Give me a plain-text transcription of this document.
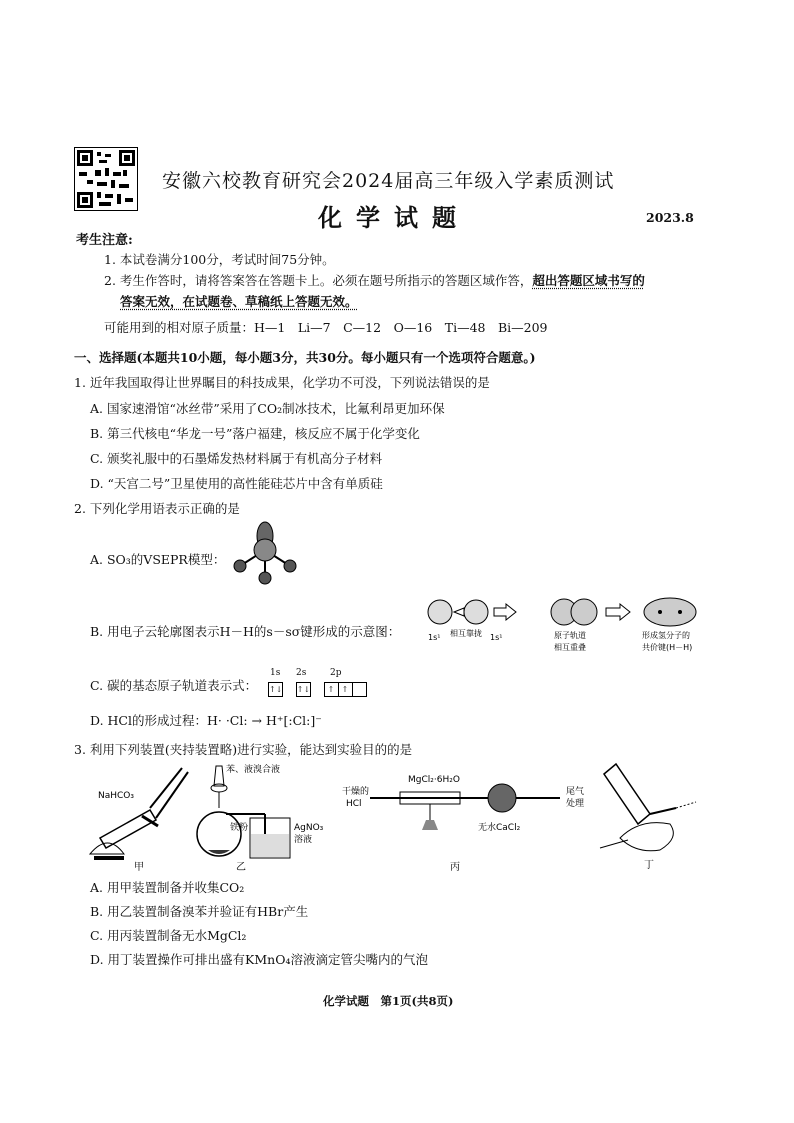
安徽六校教育研究会2024届高三年级入学素质测试
化学试题	2023.8
考生注意:
1. 本试卷满分100分，考试时间75分钟。
2. 考生作答时，请将答案答在答题卡上。必须在题号所指示的答题区域作答，超出答题区域书写的
答案无效，在试题卷、草稿纸上答题无效。
可能用到的相对原子质量：H—1　Li—7　C—12　O—16　Ti—48　Bi—209
一、选择题(本题共10小题，每小题3分，共30分。每小题只有一个选项符合题意。)
1. 近年我国取得让世界瞩目的科技成果，化学功不可没，下列说法错误的是
A. 国家速滑馆“冰丝带”采用了CO₂制冰技术，比氟利昂更加环保
B. 第三代核电“华龙一号”落户福建，核反应不属于化学变化
C. 颁奖礼服中的石墨烯发热材料属于有机高分子材料
D. “天宫二号”卫星使用的高性能硅芯片中含有单质硅
2. 下列化学用语表示正确的是
A. SO₃的VSEPR模型：
B. 用电子云轮廓图表示H－H的s－sσ键形成的示意图：	1s¹ 相互靠拢 1s¹	原子轨道
相互重叠
形成氢分子的
共价键(H－H)
C. 碳的基态原子轨道表示式：
1s 2s	2p
↑↓ ↑↓ ↑ ↑
D. HCl的形成过程：H· ·Cl: → H⁺[:Cl:]⁻
3. 利用下列装置(夹持装置略)进行实验，能达到实验目的的是
NaHCO₃
甲
苯、液溴合液
铁粉	AgNO₃
溶液
乙
干燥的
HCl
MgCl₂·6H₂O
无水CaCl₂
尾气
处理
丙	丁
A. 用甲装置制备并收集CO₂
B. 用乙装置制备溴苯并验证有HBr产生
C. 用丙装置制备无水MgCl₂
D. 用丁装置操作可排出盛有KMnO₄溶液滴定管尖嘴内的气泡
化学试题　第1页(共8页)
